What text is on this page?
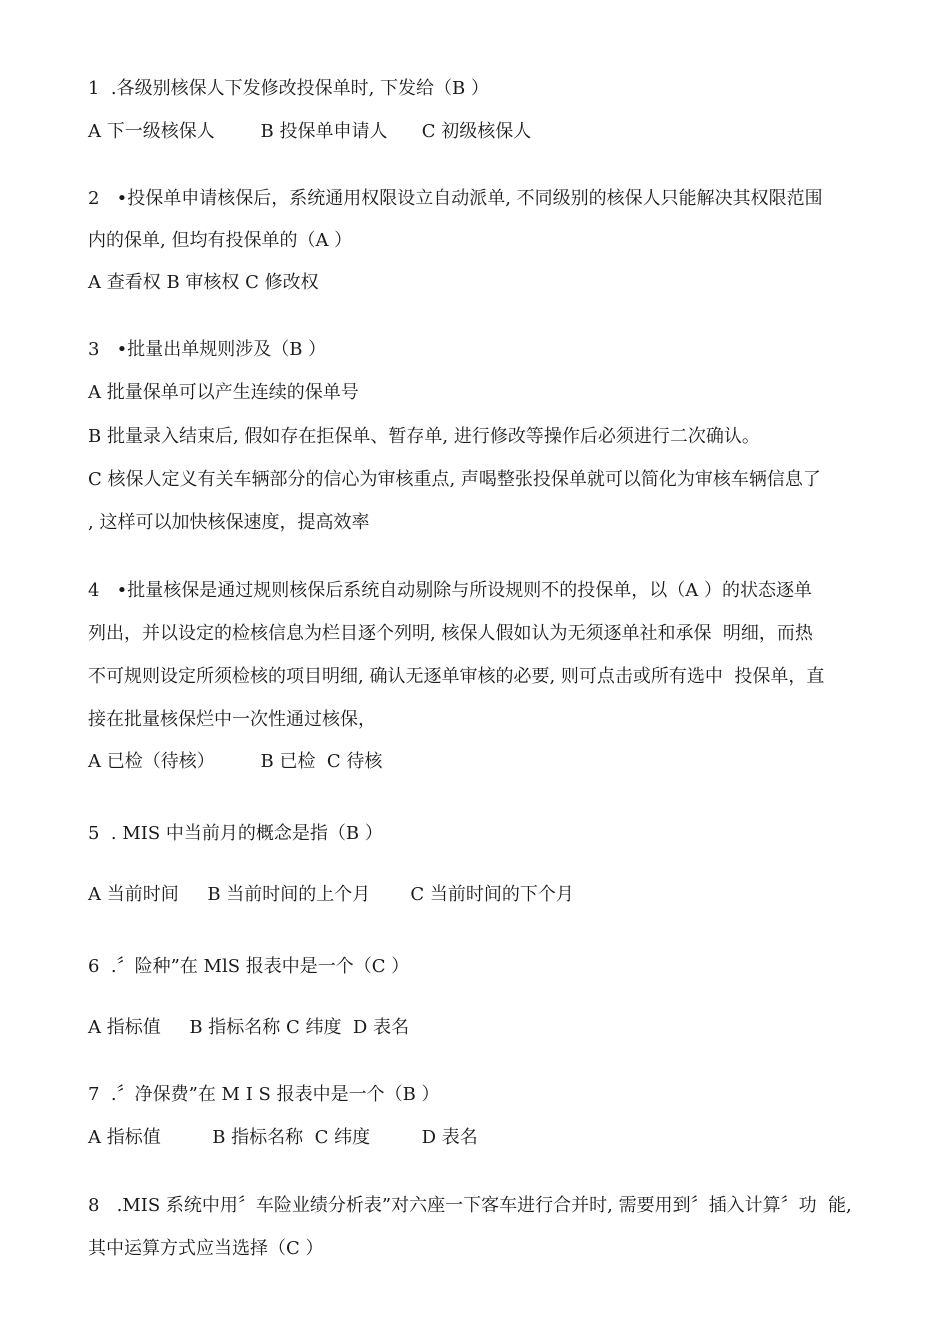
1  .各级别核保人下发修改投保单时, 下发给（B ）
A 下一级核保人        B 投保单申请人      C 初级核保人
2   •投保单申请核保后，系统通用权限设立自动派单, 不同级别的核保人只能解决其权限范围
内的保单, 但均有投保单的（A ）
A 查看权 B 审核权 C 修改权
3   •批量出单规则涉及（B ）
A 批量保单可以产生连续的保单号
B 批量录入结束后, 假如存在拒保单、暂存单, 进行修改等操作后必须进行二次确认。
C 核保人定义有关车辆部分的信心为审核重点, 声喝整张投保单就可以简化为审核车辆信息了
, 这样可以加快核保速度，提高效率
4   •批量核保是通过规则核保后系统自动剔除与所设规则不的投保单，以（A ）的状态逐单
列出，并以设定的检核信息为栏目逐个列明, 核保人假如认为无须逐单社和承保  明细，而热
不可规则设定所须检核的项目明细, 确认无逐单审核的必要, 则可点击或所有选中  投保单，直
接在批量核保烂中一次性通过核保，
A 已检（待核）        B 已检  C 待核
5  . MIS 中当前月的概念是指（B ）
A 当前时间     B 当前时间的上个月       C 当前时间的下个月
6  .〞险种”在 MlS 报表中是一个（C ）
A 指标值     B 指标名称 C 纬度  D 表名
7  .〞净保费”在 M I S 报表中是一个（B ）
A 指标值         B 指标名称  C 纬度         D 表名
8   .MIS 系统中用〞车险业绩分析表”对六座一下客车进行合并时, 需要用到〞插入计算〞功  能,
其中运算方式应当选择（C ）
